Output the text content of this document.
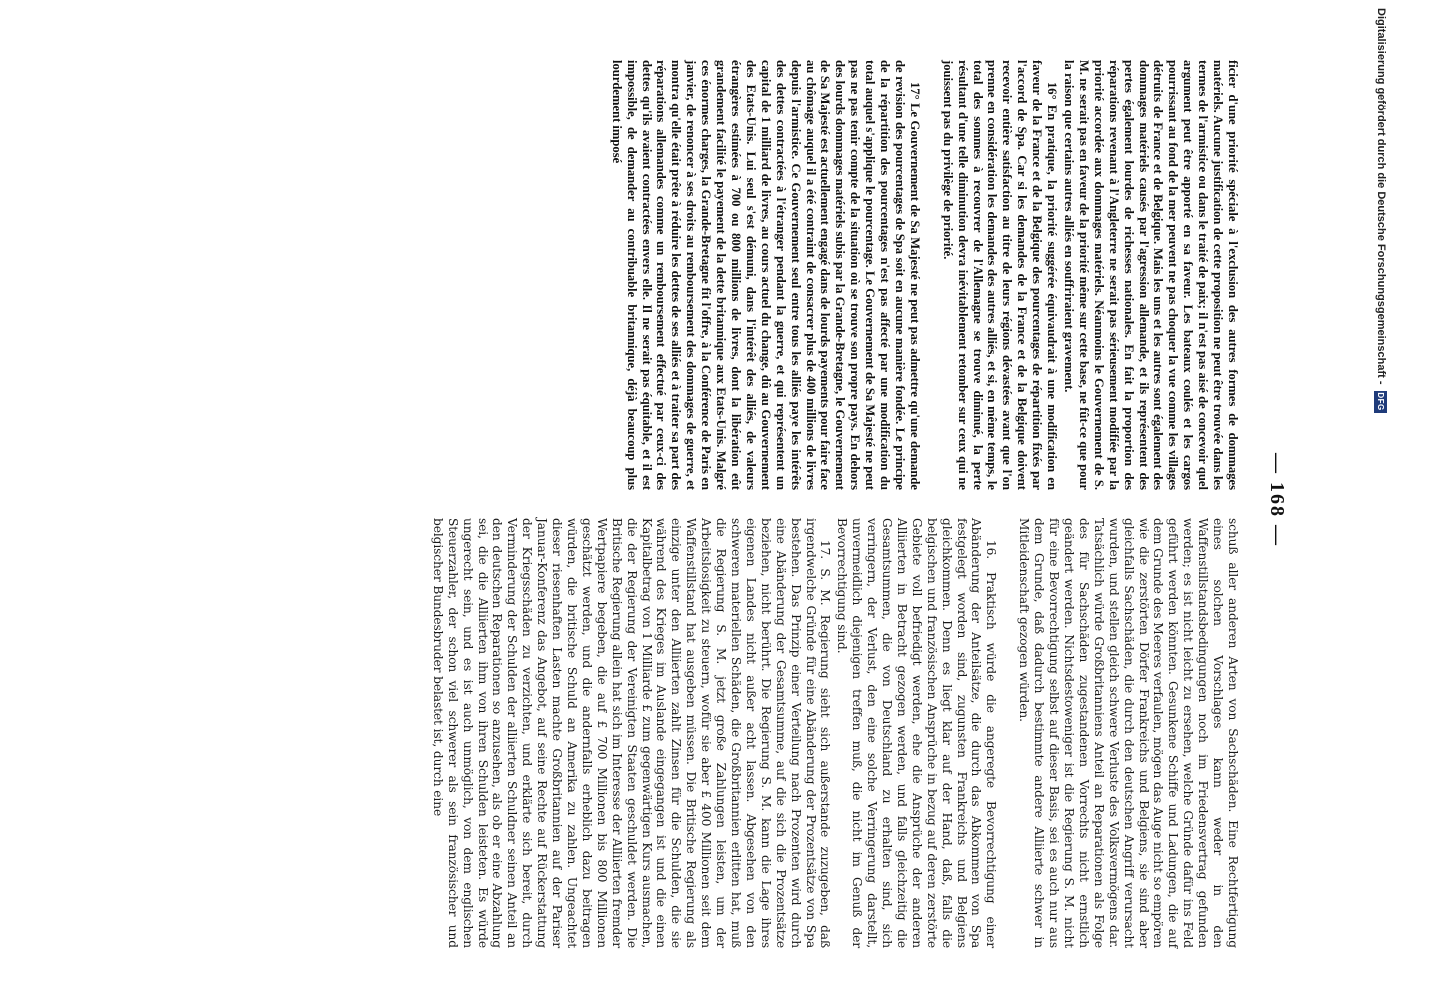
— 168 —

ficier d'une priorité spéciale à l'exclusion des autres formes de dommages matériels. Aucune justification de cette proposition ne peut être trouvée dans les termes de l'armistice ou dans le traité de paix; il n'est pas aisé de concevoir quel argument peut être apporté en sa faveur. Les bateaux coulés et les cargos pourrissant au fond de la mer peuvent ne pas choquer la vue comme les villages détruits de France et de Belgique. Mais les uns et les autres sont également des dommages matériels causés par l'agression allemande, et ils représentent des pertes également lourdes de richesses nationales. En fait la proportion des réparations revenant à l'Angleterre ne serait pas sérieusement modifiée par la priorité accordée aux dommages matériels. Néanmoins le Gouvernement de S. M. ne serait pas en faveur de la priorité même sur cette base, ne fût-ce que pour la raison que certains autres alliés en souffriraient gravement.

16° En pratique, la priorité suggérée équivaudrait à une modification en faveur de la France et de la Belgique des pourcentages de répartition fixés par l'accord de Spa. Car si les demandes de la France et de la Belgique doivent recevoir entière satisfaction au titre de leurs régions dévastées avant que l'on prenne en considération les demandes des autres alliés, et si, en même temps, le total des sommes à recouvrer de l'Allemagne se trouve diminué, la perte résultant d'une telle diminution devra inévitablement retomber sur ceux qui ne jouissent pas du privilège de priorité.

17° Le Gouvernement de Sa Majesté ne peut pas admettre qu'une demande de revision des pourcentages de Spa soit en aucune manière fondée. Le principe de la répartition des pourcentages n'est pas affecté par une modification du total auquel s'applique le pourcentage. Le Gouvernement de Sa Majesté ne peut pas ne pas tenir compte de la situation où se trouve son propre pays. En dehors des lourds dommages matériels subis par la Grande-Bretagne, le Gouvernement de Sa Majesté est actuellement engagé dans de lourds payements pour faire face au chômage auquel il a été contraint de consacrer plus de 400 millions de livres depuis l'armistice. Ce Gouvernement seul entre tous les alliés paye les intérêts des dettes contractées à l'étranger pendant la guerre, et qui représentent un capital de 1 milliard de livres, au cours actuel du change, dû au Gouvernement des Etats-Unis. Lui seul s'est démuni, dans l'intérêt des alliés, de valeurs étrangères estimées à 700 ou 800 millions de livres, dont la libération eût grandement facilité le payement de la dette britannique aux Etats-Unis. Malgré ces énormes charges, la Grande-Bretagne fit l'offre, à la Conférence de Paris en janvier, de renoncer à ses droits au remboursement des dommages de guerre, et montra qu'elle était prête à réduire les dettes de ses alliés et à traiter sa part des réparations allemandes comme un remboursement effectué par ceux-ci des dettes qu'ils avaient contractées envers elle. Il ne serait pas équitable, et il est impossible, de demander au contribuable britannique, déjà beaucoup plus lourdement imposé

schuß aller anderen Arten von Sachschäden. Eine Rechtfertigung eines solchen Vorschlages kann weder in den Waffenstillstandsbedingungen noch im Friedensvertrag gefunden werden; es ist nicht leicht zu ersehen, welche Gründe dafür ins Feld geführt werden könnten. Gesunkene Schiffe und Ladungen, die auf dem Grunde des Meeres verfaulen, mögen das Auge nicht so empören wie die zerstörten Dörfer Frankreichs und Belgiens, sie sind aber gleichfalls Sachschäden, die durch den deutschen Angriff verursacht wurden, und stellen gleich schwere Verluste des Volksvermögens dar. Tatsächlich würde Großbritanniens Anteil an Reparationen als Folge des für Sachschäden zugestandenen Vorrechts nicht ernstlich geändert werden. Nichtsdestoweniger ist die Regierung S. M. nicht für eine Bevorrechtigung selbst auf dieser Basis, sei es auch nur aus dem Grunde, daß dadurch bestimmte andere Alliierte schwer in Mitleidenschaft gezogen würden.

16. Praktisch würde die angeregte Bevorrechtigung einer Abänderung der Anteilsätze, die durch das Abkommen von Spa festgelegt worden sind, zugunsten Frankreichs und Belgiens gleichkommen. Denn es liegt klar auf der Hand, daß, falls die belgischen und französischen Ansprüche in bezug auf deren zerstörte Gebiete voll befriedigt werden, ehe die Ansprüche der anderen Alliierten in Betracht gezogen werden, und falls gleichzeitig die Gesamtsummen, die von Deutschland zu erhalten sind, sich verringern, der Verlust, den eine solche Verringerung darstellt, unvermeidlich diejenigen treffen muß, die nicht im Genuß der Bevorrechtigung sind.

17. S. M. Regierung sieht sich außerstande zuzugeben, daß irgendwelche Gründe für eine Abänderung der Prozentsätze von Spa bestehen. Das Prinzip einer Verteilung nach Prozenten wird durch eine Abänderung der Gesamtsumme, auf die sich die Prozentsätze beziehen, nicht berührt. Die Regierung S. M. kann die Lage ihres eigenen Landes nicht außer acht lassen. Abgesehen von den schweren materiellen Schäden, die Großbritannien erlitten hat, muß die Regierung S. M. jetzt große Zahlungen leisten, um der Arbeitslosigkeit zu steuern, wofür sie aber £ 400 Millionen seit dem Waffenstillstand hat ausgeben müssen. Die Britische Regierung als einzige unter den Alliierten zahlt Zinsen für die Schulden, die sie während des Krieges im Auslande eingegangen ist und die einen Kapitalbetrag von 1 Milliarde £ zum gegenwärtigen Kurs ausmachen, die der Regierung der Vereinigten Staaten geschuldet werden. Die Britische Regierung allein hat sich im Interesse der Alliierten fremder Wertpapiere begeben, die auf £ 700 Millionen bis 800 Millionen geschätzt werden, und die andernfalls erheblich dazu beitragen würden, die britische Schuld an Amerika zu zahlen. Ungeachtet dieser riesenhaften Lasten machte Großbritannien auf der Pariser Januar-Konferenz das Angebot, auf seine Rechte auf Rückerstattung der Kriegsschäden zu verzichten, und erklärte sich bereit, durch Verminderung der Schulden der alliierten Schuldner seinen Anteil an den deutschen Reparationen so anzusehen, als ob er eine Abzahlung sei, die die Alliierten ihm von ihren Schulden leisteten. Es würde ungerecht sein, und es ist auch unmöglich, von dem englischen Steuerzahler, der schon viel schwerer als sein französischer und belgischer Bundesbruder belastet ist, durch eine

Digitalisierung gefördert durch die Deutsche Forschungsgemeinschaft -
DFG
